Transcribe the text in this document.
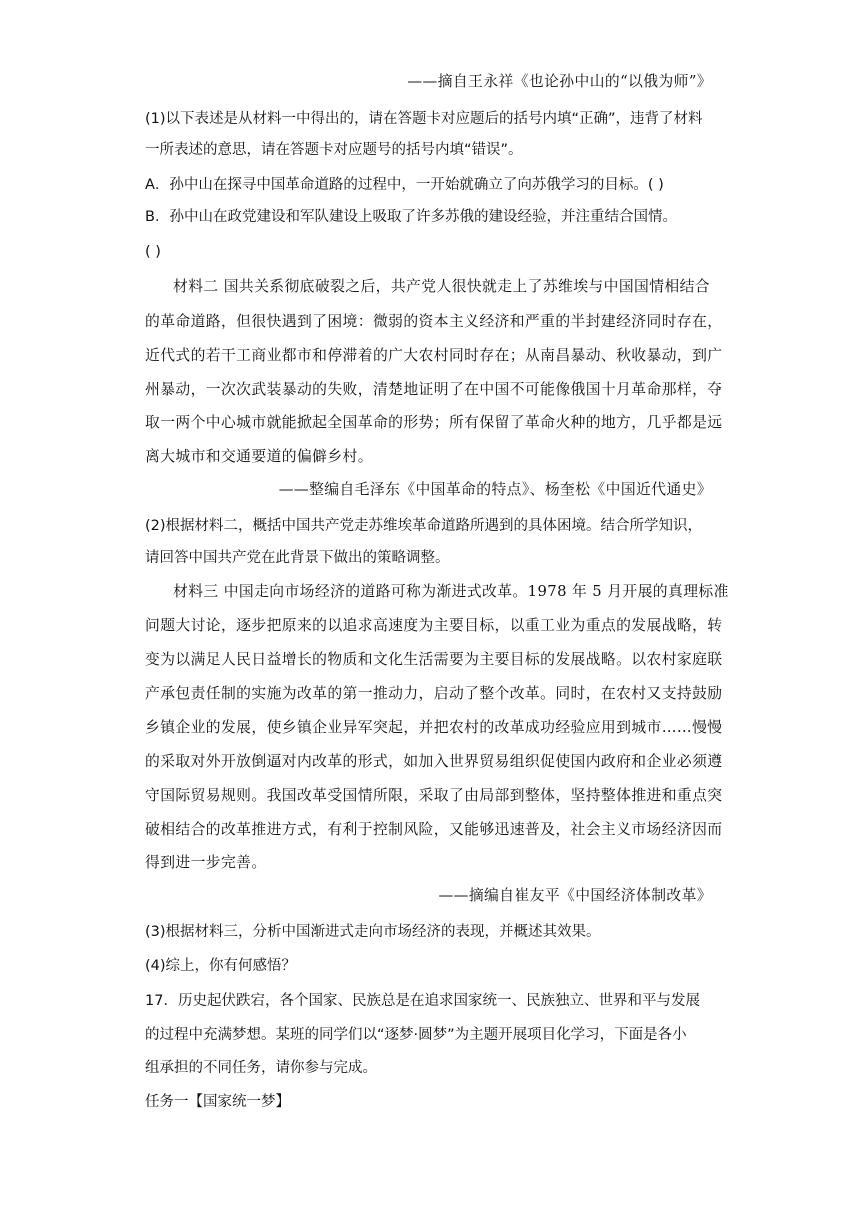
——摘自王永祥《也论孙中山的“以俄为师”》
(1)以下表述是从材料一中得出的，请在答题卡对应题后的括号内填“正确”，违背了材料
一所表述的意思，请在答题卡对应题号的括号内填“错误”。
A．孙中山在探寻中国革命道路的过程中，一开始就确立了向苏俄学习的目标。( )
B．孙中山在政党建设和军队建设上吸取了许多苏俄的建设经验，并注重结合国情。
( )
材料二 国共关系彻底破裂之后，共产党人很快就走上了苏维埃与中国国情相结合
的革命道路，但很快遇到了困境：微弱的资本主义经济和严重的半封建经济同时存在，
近代式的若干工商业都市和停滞着的广大农村同时存在；从南昌暴动、秋收暴动，到广
州暴动，一次次武装暴动的失败，清楚地证明了在中国不可能像俄国十月革命那样，夺
取一两个中心城市就能掀起全国革命的形势；所有保留了革命火种的地方，几乎都是远
离大城市和交通要道的偏僻乡村。
——整编自毛泽东《中国革命的特点》、杨奎松《中国近代通史》
(2)根据材料二，概括中国共产党走苏维埃革命道路所遇到的具体困境。结合所学知识，
请回答中国共产党在此背景下做出的策略调整。
材料三 中国走向市场经济的道路可称为渐进式改革。1978 年 5 月开展的真理标准
问题大讨论，逐步把原来的以追求高速度为主要目标，以重工业为重点的发展战略，转
变为以满足人民日益增长的物质和文化生活需要为主要目标的发展战略。以农村家庭联
产承包责任制的实施为改革的第一推动力，启动了整个改革。同时，在农村又支持鼓励
乡镇企业的发展，使乡镇企业异军突起，并把农村的改革成功经验应用到城市……慢慢
的采取对外开放倒逼对内改革的形式，如加入世界贸易组织促使国内政府和企业必须遵
守国际贸易规则。我国改革受国情所限，采取了由局部到整体，坚持整体推进和重点突
破相结合的改革推进方式，有利于控制风险，又能够迅速普及，社会主义市场经济因而
得到进一步完善。
——摘编自崔友平《中国经济体制改革》
(3)根据材料三，分析中国渐进式走向市场经济的表现，并概述其效果。
(4)综上，你有何感悟？
17．历史起伏跌宕，各个国家、民族总是在追求国家统一、民族独立、世界和平与发展
的过程中充满梦想。某班的同学们以“逐梦·圆梦”为主题开展项目化学习，下面是各小
组承担的不同任务，请你参与完成。
任务一【国家统一梦】
